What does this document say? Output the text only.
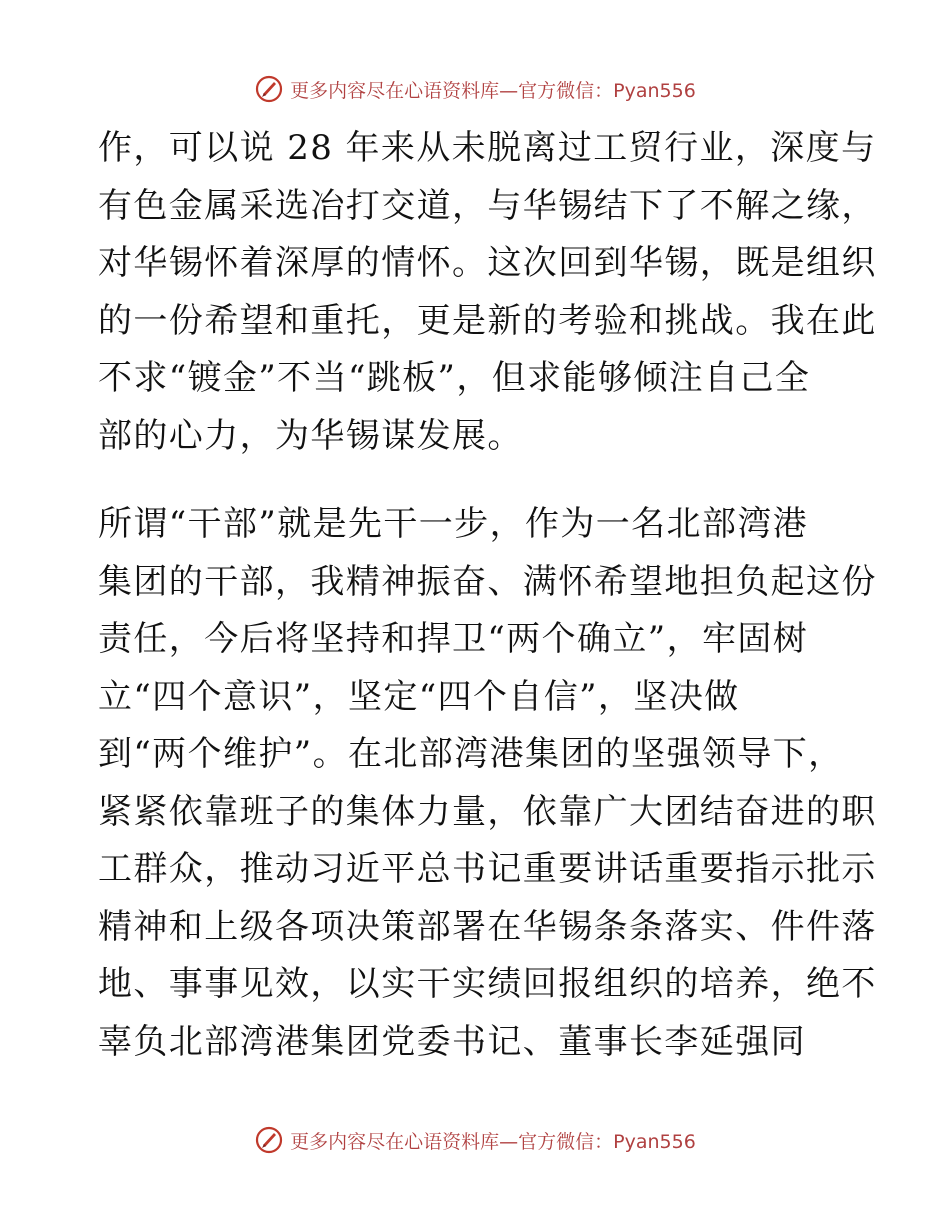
更多内容尽在心语资料库—官方微信：Pyan556

作，可以说 28 年来从未脱离过工贸行业，深度与
有色金属采选冶打交道，与华锡结下了不解之缘，
对华锡怀着深厚的情怀。这次回到华锡，既是组织
的一份希望和重托，更是新的考验和挑战。我在此
不求“镀金”不当“跳板”，但求能够倾注自己全
部的心力，为华锡谋发展。

所谓“干部”就是先干一步，作为一名北部湾港
集团的干部，我精神振奋、满怀希望地担负起这份
责任，今后将坚持和捍卫“两个确立”，牢固树
立“四个意识”，坚定“四个自信”，坚决做
到“两个维护”。在北部湾港集团的坚强领导下，
紧紧依靠班子的集体力量，依靠广大团结奋进的职
工群众，推动习近平总书记重要讲话重要指示批示
精神和上级各项决策部署在华锡条条落实、件件落
地、事事见效，以实干实绩回报组织的培养，绝不
辜负北部湾港集团党委书记、董事长李延强同

更多内容尽在心语资料库—官方微信：Pyan556
